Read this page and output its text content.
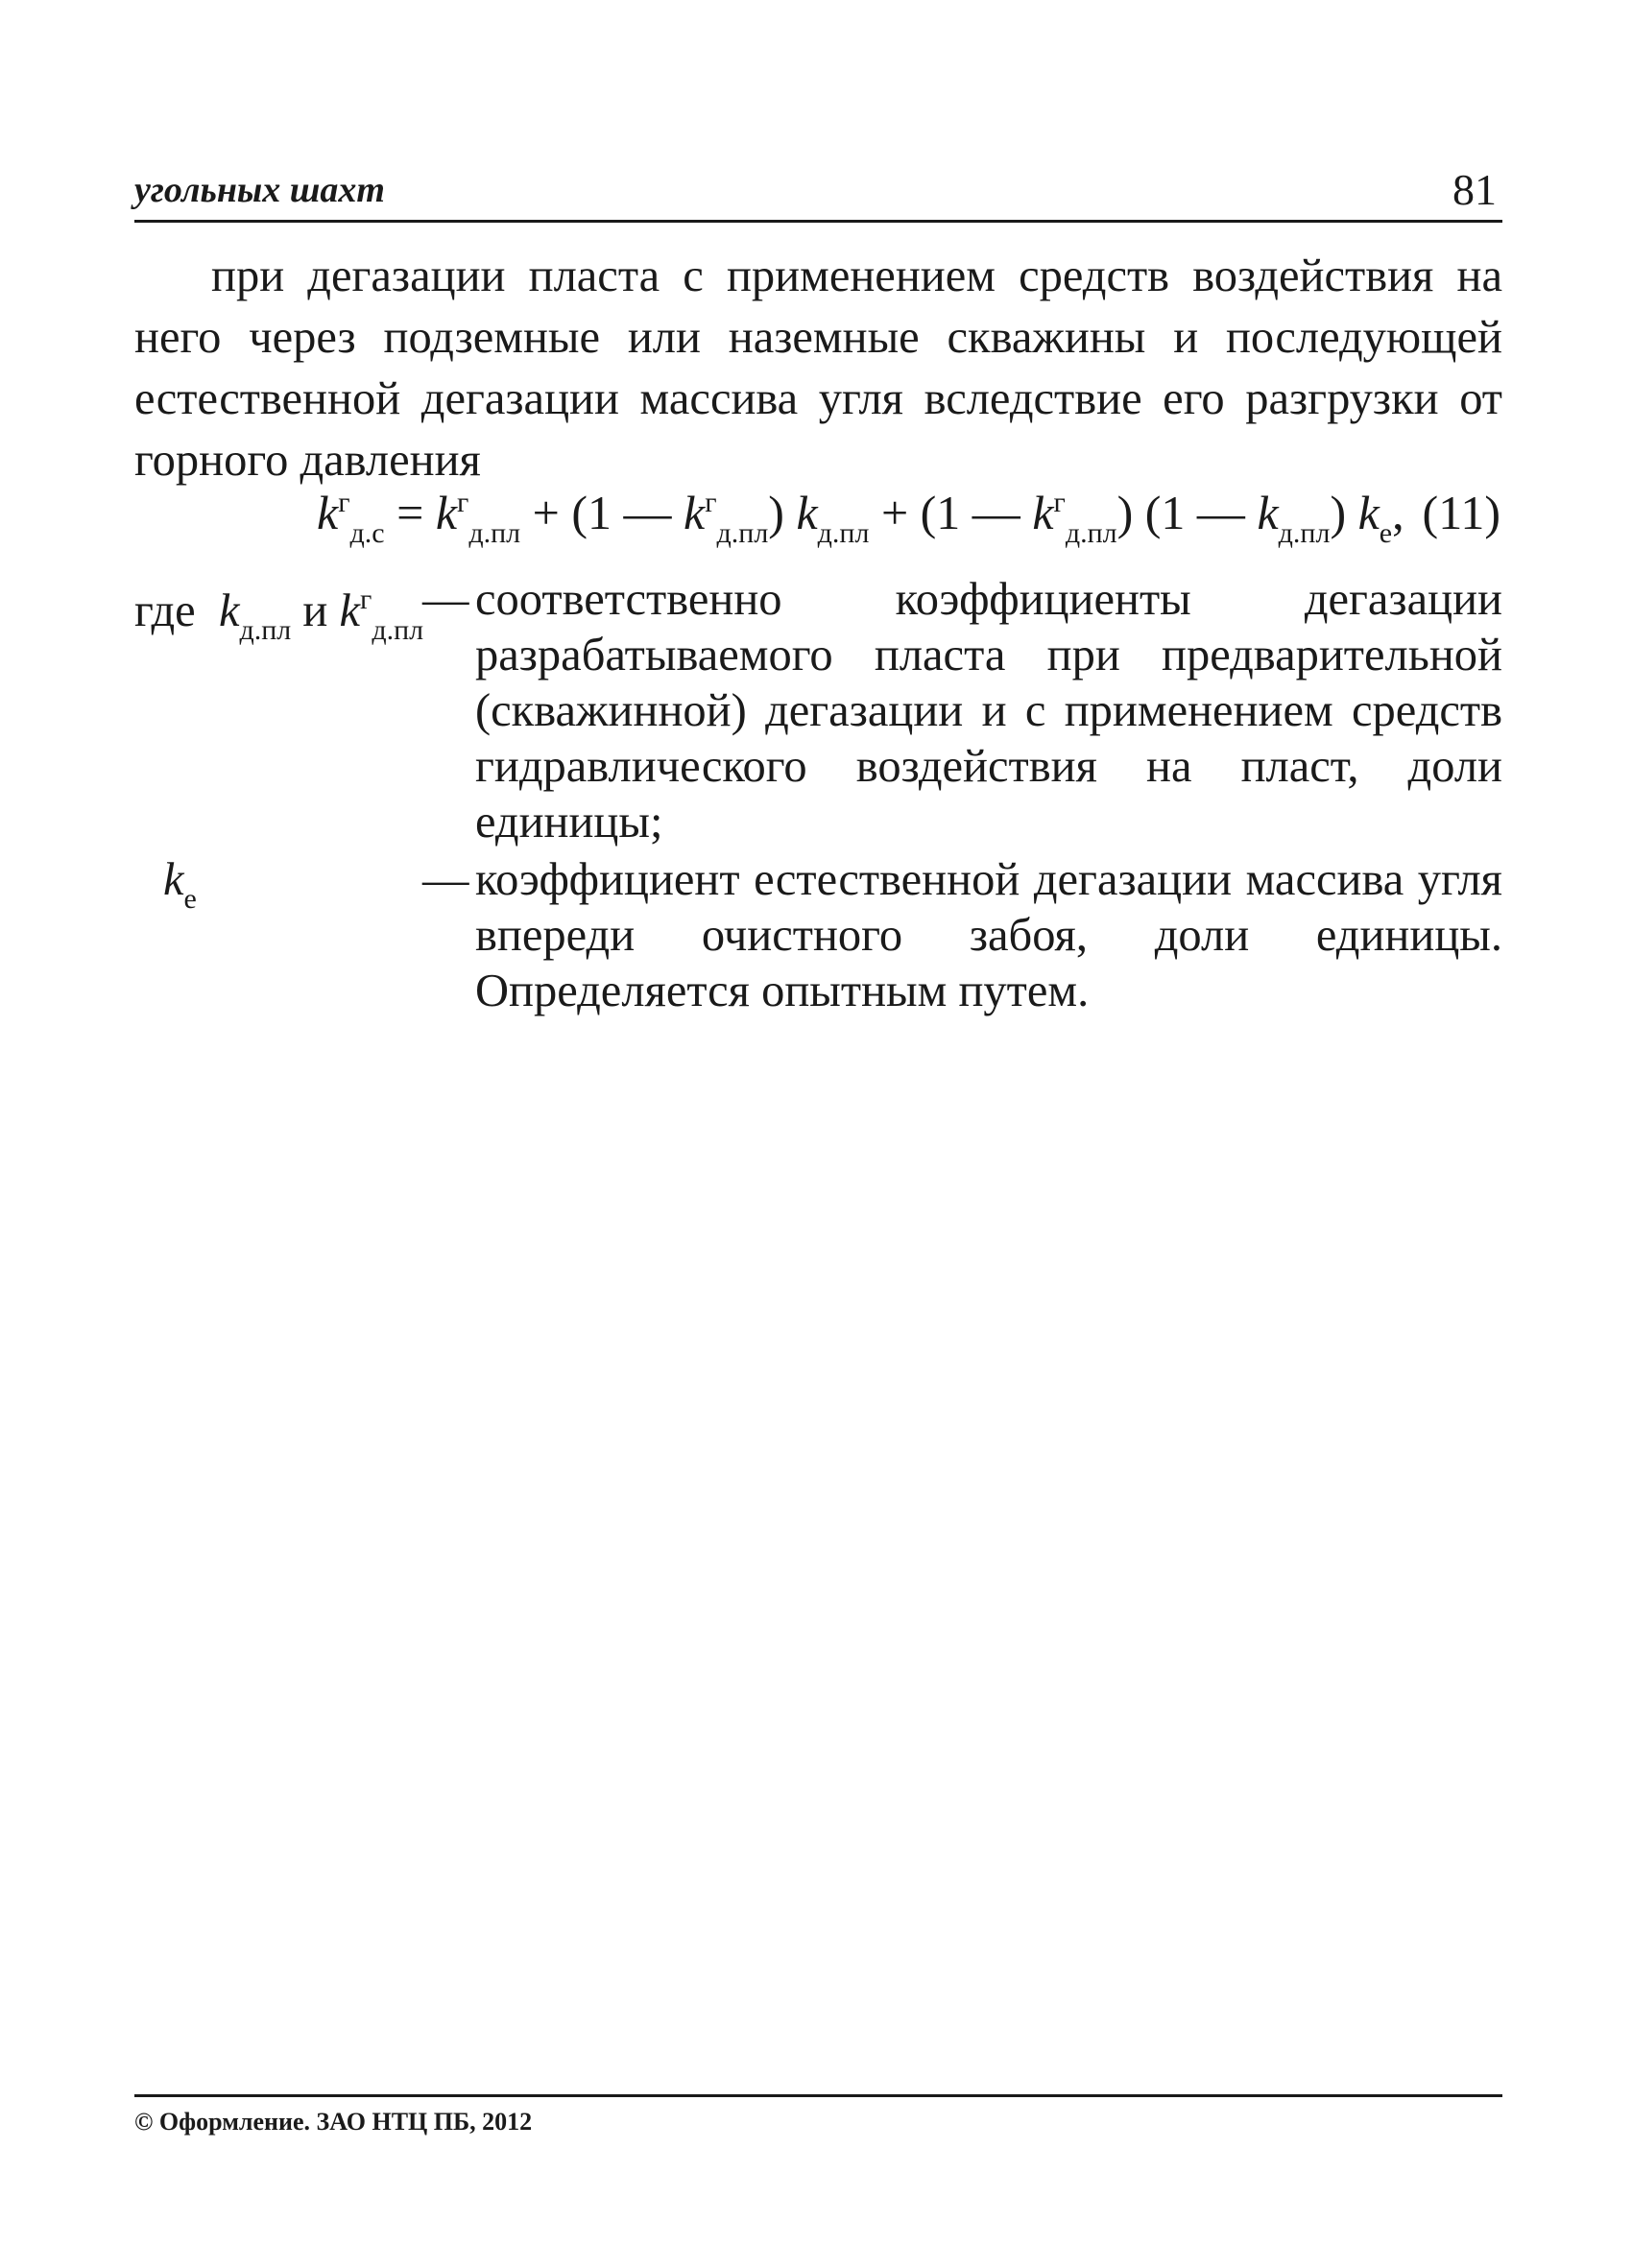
угольных шахт	81
при дегазации пласта с применением средств воздействия на него через подземные или наземные скважины и последующей естественной дегазации массива угля вследствие его разгрузки от горного давления
$k^г_{д.с} = k^г_{д.пл} + (1$ — $k^г_{д.пл}$) $k_{д.пл} + (1$ — $k^г_{д.пл}$) (1 — $k_{д.пл}$) $k_е$, (11)
где $k_{д.пл}$ и $k^г_{д.пл}$
— соответственно коэффициенты дегазации разрабатываемого пласта при предварительной (скважинной) дегазации и с применением средств гидравлического воздействия на пласт, доли единицы;
$k_е$	— коэффициент естественной дегазации массива угля впереди очистного забоя, доли единицы. Определяется опытным путем.
© Оформление. ЗАО НТЦ ПБ, 2012
